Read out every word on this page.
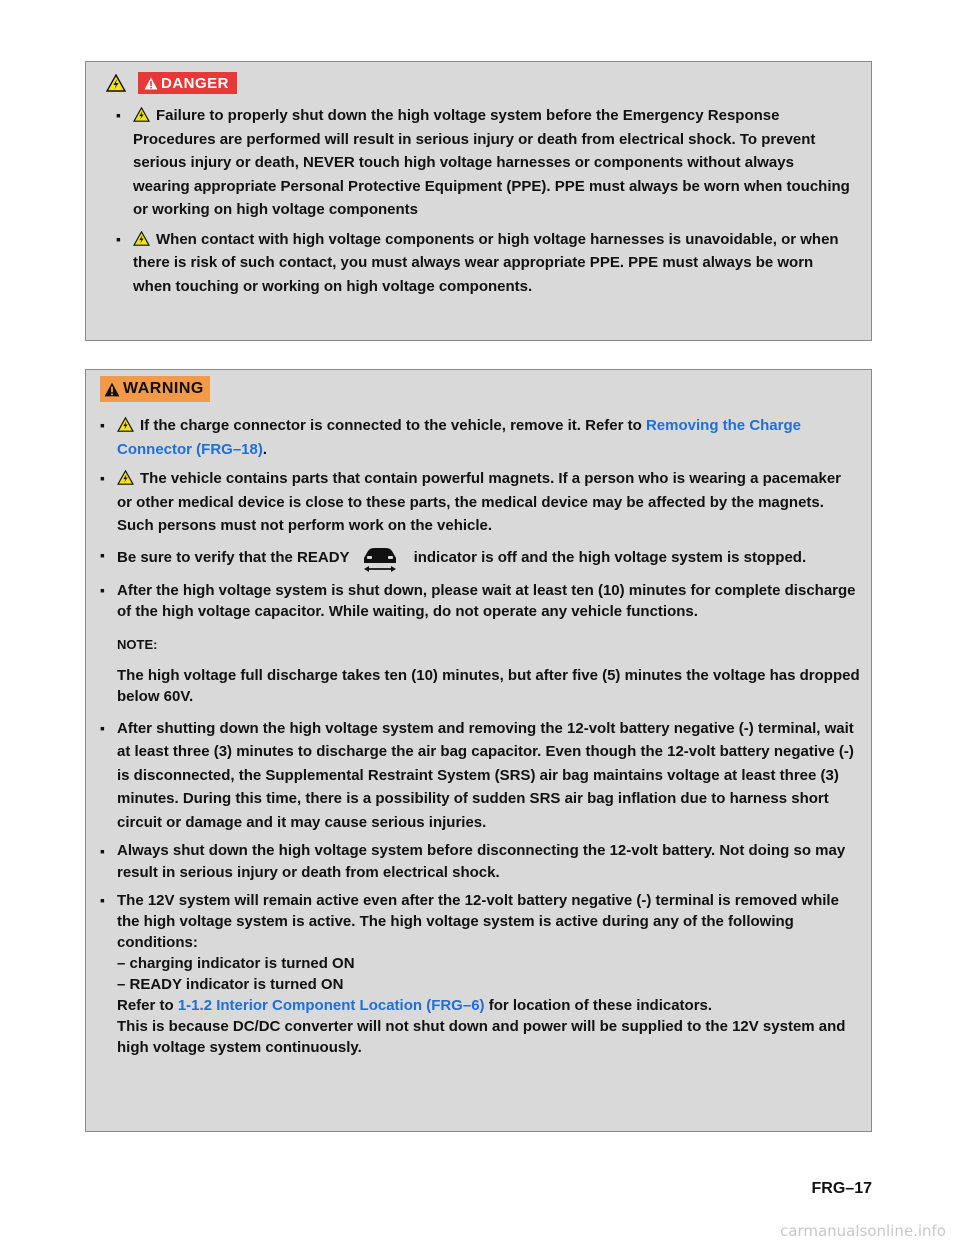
DANGER
▪ Failure to properly shut down the high voltage system before the Emergency Response Procedures are performed will result in serious injury or death from electrical shock. To prevent serious injury or death, NEVER touch high voltage harnesses or components without always wearing appropriate Personal Protective Equipment (PPE). PPE must always be worn when touching or working on high voltage components
▪ When contact with high voltage components or high voltage harnesses is unavoidable, or when there is risk of such contact, you must always wear appropriate PPE. PPE must always be worn when touching or working on high voltage components.
WARNING
▪ If the charge connector is connected to the vehicle, remove it. Refer to Removing the Charge Connector (FRG–18).
▪ The vehicle contains parts that contain powerful magnets. If a person who is wearing a pacemaker or other medical device is close to these parts, the medical device may be affected by the magnets. Such persons must not perform work on the vehicle.
▪ Be sure to verify that the READY	indicator is off and the high voltage system is stopped.
▪ After the high voltage system is shut down, please wait at least ten (10) minutes for complete discharge of the high voltage capacitor. While waiting, do not operate any vehicle functions.
NOTE:
The high voltage full discharge takes ten (10) minutes, but after five (5) minutes the voltage has dropped below 60V.
▪ After shutting down the high voltage system and removing the 12-volt battery negative (-) terminal, wait at least three (3) minutes to discharge the air bag capacitor. Even though the 12-volt battery negative (-) is disconnected, the Supplemental Restraint System (SRS) air bag maintains voltage at least three (3) minutes. During this time, there is a possibility of sudden SRS air bag inflation due to harness short circuit or damage and it may cause serious injuries.
▪ Always shut down the high voltage system before disconnecting the 12-volt battery. Not doing so may result in serious injury or death from electrical shock.
▪ The 12V system will remain active even after the 12-volt battery negative (-) terminal is removed while the high voltage system is active. The high voltage system is active during any of the following conditions:
– charging indicator is turned ON
– READY indicator is turned ON
Refer to 1-1.2 Interior Component Location (FRG–6) for location of these indicators.
This is because DC/DC converter will not shut down and power will be supplied to the 12V system and high voltage system continuously.
FRG–17
carmanualsonline.info
